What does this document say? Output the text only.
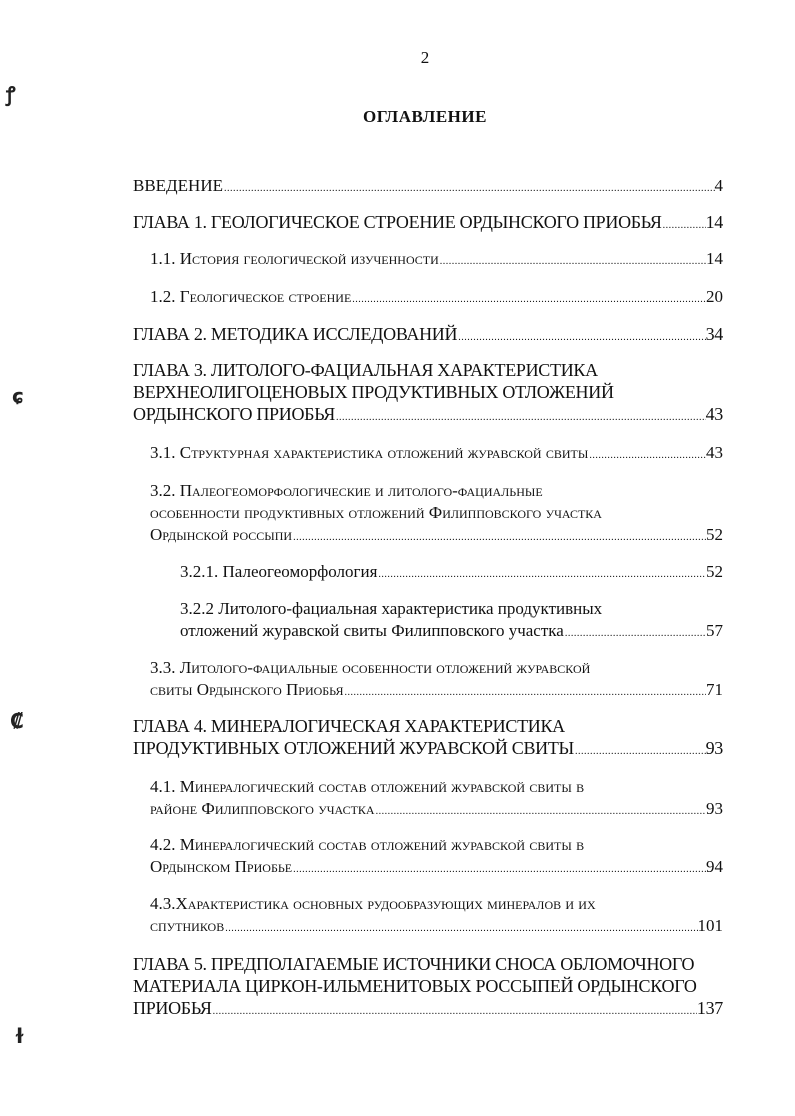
2
ОГЛАВЛЕНИЕ
ВВЕДЕНИЕ .....	4
ГЛАВА 1. ГЕОЛОГИЧЕСКОЕ СТРОЕНИЕ ОРДЫНСКОГО ПРИОБЬЯ ..... 14
1.1. История геологической изученности .....	14
1.2. Геологическое строение .....	20
ГЛАВА 2. МЕТОДИКА ИССЛЕДОВАНИЙ .....	34
ГЛАВА 3. ЛИТОЛОГО-ФАЦИАЛЬНАЯ ХАРАКТЕРИСТИКА
ВЕРХНЕОЛИГОЦЕНОВЫХ ПРОДУКТИВНЫХ ОТЛОЖЕНИЙ
ОРДЫНСКОГО ПРИОБЬЯ .....	43
3.1. Структурная характеристика отложений журавской свиты .....	43
3.2. Палеогеоморфологические и литолого-фациальные
особенности продуктивных отложений Филипповского участка
Ордынской россыпи .....	52
3.2.1. Палеогеоморфология .....	52
3.2.2 Литолого-фациальная характеристика продуктивных
отложений журавской свиты Филипповского участка .....	57
3.3. Литолого-фациальные особенности отложений журавской
свиты Ордынского Приобья .....	71
ГЛАВА 4. МИНЕРАЛОГИЧЕСКАЯ ХАРАКТЕРИСТИКА
ПРОДУКТИВНЫХ ОТЛОЖЕНИЙ ЖУРАВСКОЙ СВИТЫ .....	93
4.1. Минералогический состав отложений журавской свиты в
районе Филипповского участка .....	93
4.2. Минералогический состав отложений журавской свиты в
Ордынском Приобье .....	94
4.3.Характеристика основных рудообразующих минералов и их
спутников .....	101
ГЛАВА 5. ПРЕДПОЛАГАЕМЫЕ ИСТОЧНИКИ СНОСА ОБЛОМОЧНОГО
МАТЕРИАЛА ЦИРКОН-ИЛЬМЕНИТОВЫХ РОССЫПЕЙ ОРДЫНСКОГО
ПРИОБЬЯ .....	137
ꝭ
ɕ
₡
ɫ
